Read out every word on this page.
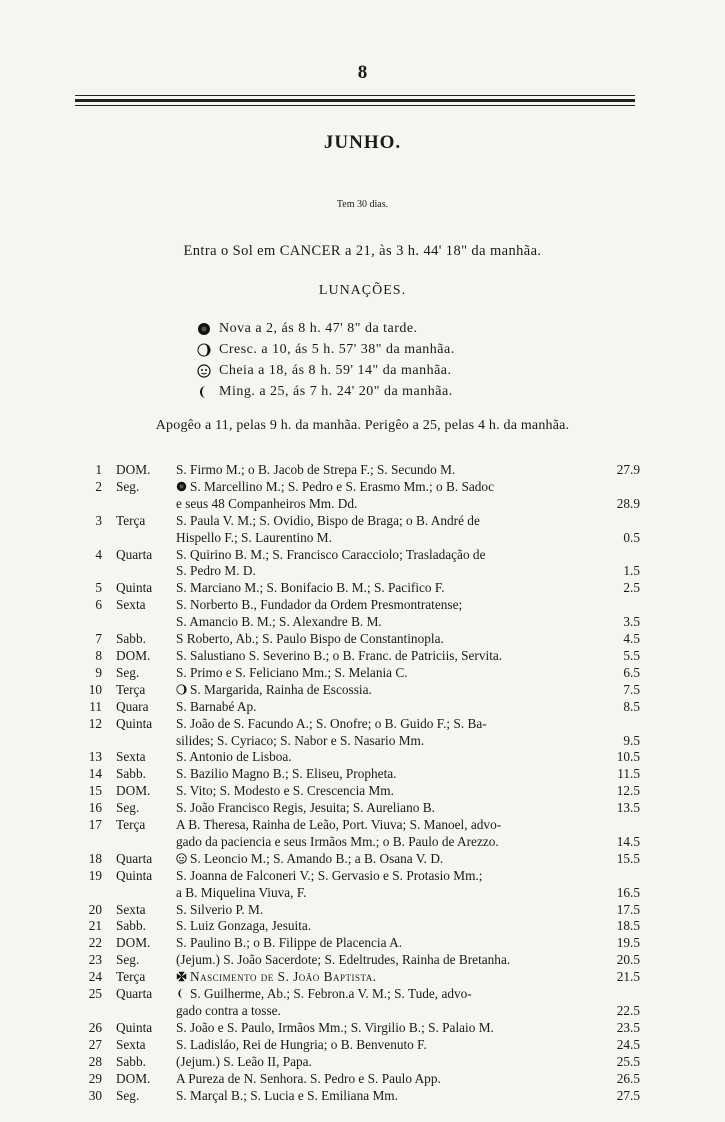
8
JUNHO.
Tem 30 dias.
Entra o Sol em CANCER a 21, às 3 h. 44' 18" da manhãa.
LUNAÇÕES.
Nova a 2, ás 8 h. 47' 8" da tarde.
Cresc. a 10, ás 5 h. 57' 38" da manhãa.
Cheia a 18, ás 8 h. 59' 14" da manhãa.
Ming. a 25, ás 7 h. 24' 20" da manhãa.
Apogêo a 11, pelas 9 h. da manhãa. Perigêo a 25, pelas 4 h. da manhãa.
1	DOM.	S. Firmo M.; o B. Jacob de Strepa F.; S. Secundo M.	27.9
2	Seg.	S. Marcellino M.; S. Pedro e S. Erasmo Mm.; o B. Sadoc
e seus 48 Companheiros Mm. Dd.	28.9
3	Terça	S. Paula V. M.; S. Ovidio, Bispo de Braga; o B. André de
Hispello F.; S. Laurentino M.	0.5
4	Quarta	S. Quirino B. M.; S. Francisco Caracciolo; Trasladação de
S. Pedro M. D.	1.5
5	Quinta	S. Marciano M.; S. Bonifacio B. M.; S. Pacifico F.	2.5
6	Sexta	S. Norberto B., Fundador da Ordem Presmontratense;
S. Amancio B. M.; S. Alexandre B. M.	3.5
7	Sabb.	S Roberto, Ab.; S. Paulo Bispo de Constantinopla.	4.5
8	DOM.	S. Salustiano S. Severino B.; o B. Franc. de Patriciis, Servita.	5.5
9	Seg.	S. Primo e S. Feliciano Mm.; S. Melania C.	6.5
10	Terça	S. Margarida, Rainha de Escossia.	7.5
11	Quara	S. Barnabé Ap.	8.5
12	Quinta	S. João de S. Facundo A.; S. Onofre; o B. Guido F.; S. Ba-
silides; S. Cyriaco; S. Nabor e S. Nasario Mm.	9.5
13	Sexta	S. Antonio de Lisboa.	10.5
14	Sabb.	S. Bazilio Magno B.; S. Eliseu, Propheta.	11.5
15	DOM.	S. Vito; S. Modesto e S. Crescencia Mm.	12.5
16	Seg.	S. João Francisco Regis, Jesuita; S. Aureliano B.	13.5
17	Terça	A B. Theresa, Rainha de Leão, Port. Viuva; S. Manoel, advo-
gado da paciencia e seus Irmãos Mm.; o B. Paulo de Arezzo.	14.5
18	Quarta	S. Leoncio M.; S. Amando B.; a B. Osana V. D.	15.5
19	Quinta	S. Joanna de Falconeri V.; S. Gervasio e S. Protasio Mm.;
a B. Miquelina Viuva, F.	16.5
20	Sexta	S. Silverio P. M.	17.5
21	Sabb.	S. Luiz Gonzaga, Jesuita.	18.5
22	DOM.	S. Paulino B.; o B. Filippe de Placencia A.	19.5
23	Seg.	(Jejum.) S. João Sacerdote; S. Edeltrudes, Rainha de Bretanha.	20.5
24	Terça	Nascimento de S. João Baptista.	21.5
25	Quarta	S. Guilherme, Ab.; S. Febron.a V. M.; S. Tude, advo-
gado contra a tosse.	22.5
26	Quinta	S. João e S. Paulo, Irmãos Mm.; S. Virgilio B.; S. Palaio M.	23.5
27	Sexta	S. Ladisláo, Rei de Hungria; o B. Benvenuto F.	24.5
28	Sabb.	(Jejum.) S. Leão II, Papa.	25.5
29	DOM.	A Pureza de N. Senhora. S. Pedro e S. Paulo App.	26.5
30	Seg.	S. Marçal B.; S. Lucia e S. Emiliana Mm.	27.5
